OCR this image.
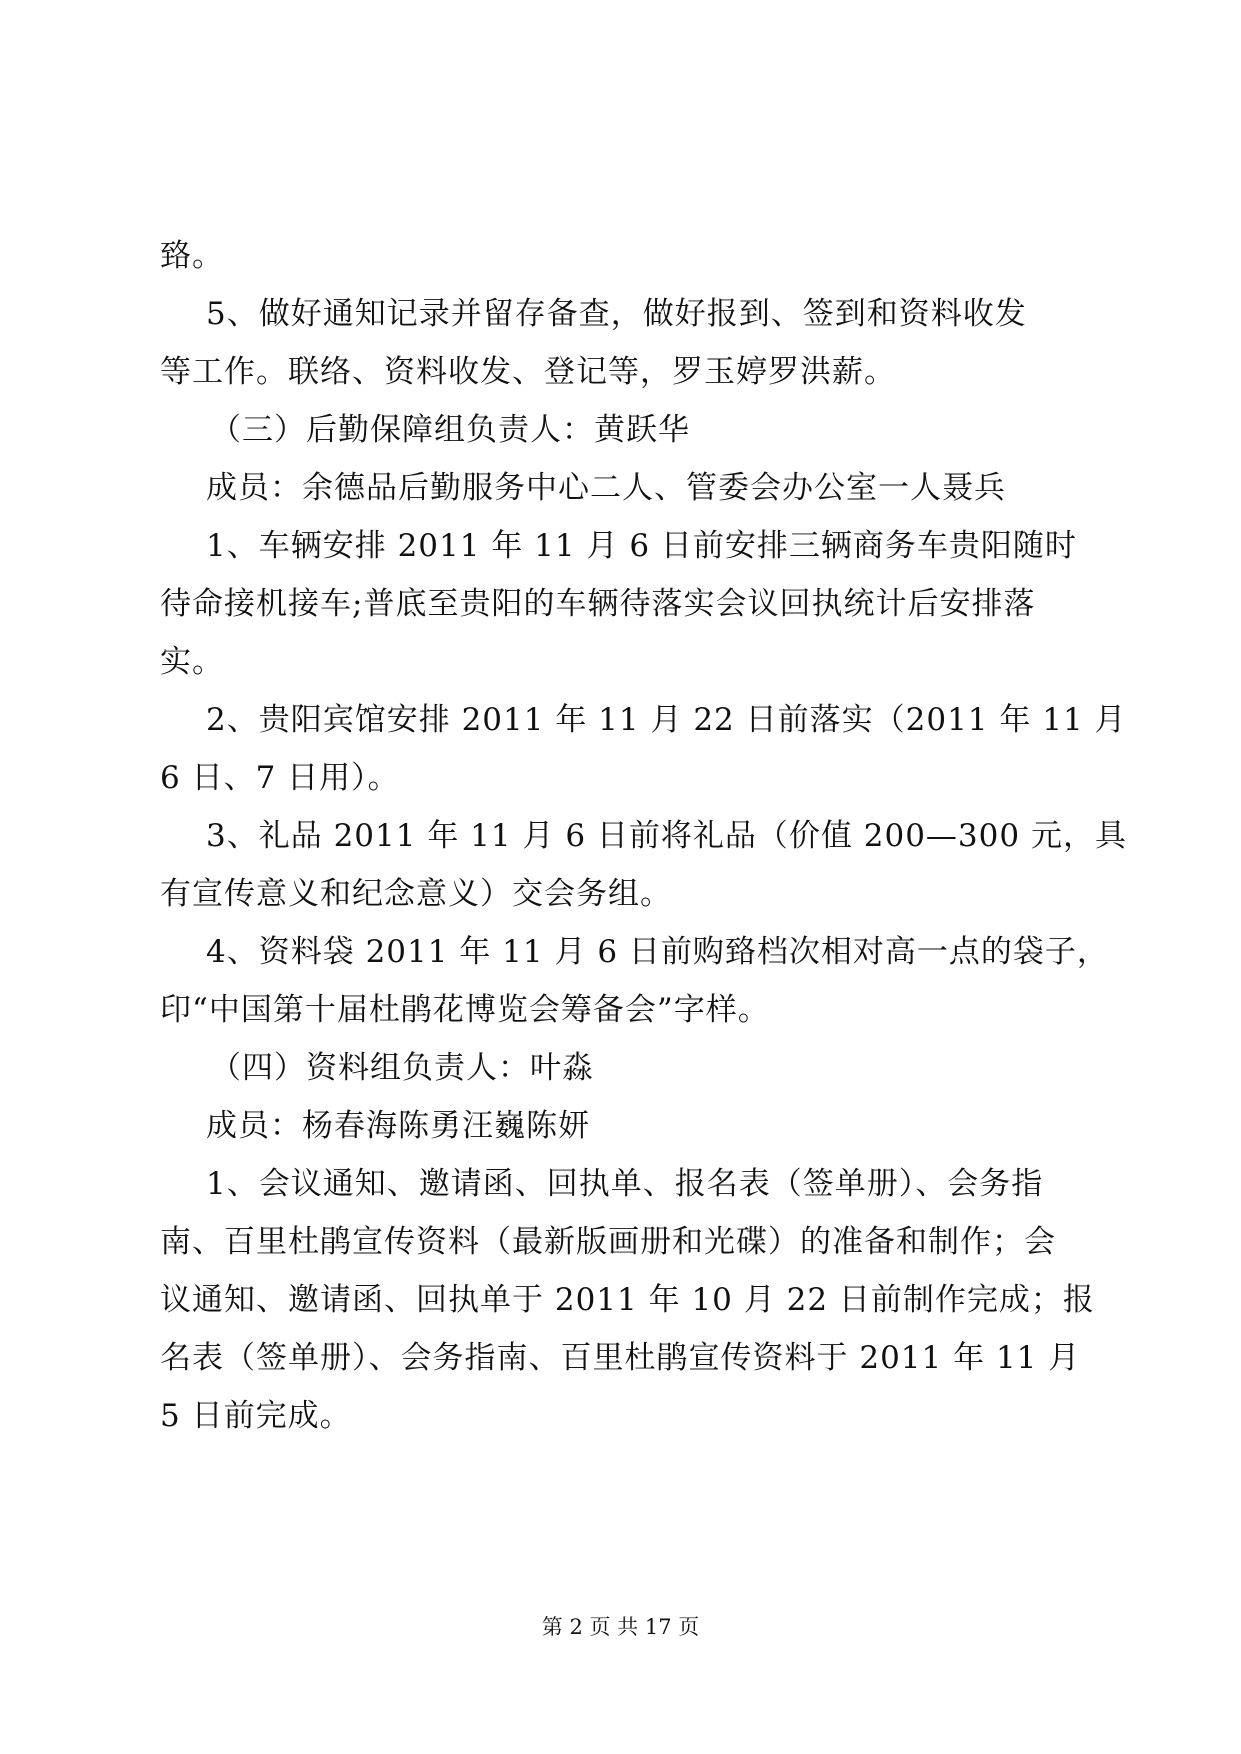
臵。
5、做好通知记录并留存备查，做好报到、签到和资料收发
等工作。联络、资料收发、登记等，罗玉婷罗洪薪。
（三）后勤保障组负责人：黄跃华
成员：余德品后勤服务中心二人、管委会办公室一人聂兵
1、车辆安排 2011 年 11 月 6 日前安排三辆商务车贵阳随时
待命接机接车;普底至贵阳的车辆待落实会议回执统计后安排落
实。
2、贵阳宾馆安排 2011 年 11 月 22 日前落实（2011 年 11 月
6 日、7 日用）。
3、礼品 2011 年 11 月 6 日前将礼品（价值 200—300 元，具
有宣传意义和纪念意义）交会务组。
4、资料袋 2011 年 11 月 6 日前购臵档次相对高一点的袋子，
印“中国第十届杜鹃花博览会筹备会”字样。
（四）资料组负责人：叶淼
成员：杨春海陈勇汪巍陈妍
1、会议通知、邀请函、回执单、报名表（签单册）、会务指
南、百里杜鹃宣传资料（最新版画册和光碟）的准备和制作；会
议通知、邀请函、回执单于 2011 年 10 月 22 日前制作完成；报
名表（签单册）、会务指南、百里杜鹃宣传资料于 2011 年 11 月
5 日前完成。
第 2 页 共 17 页
